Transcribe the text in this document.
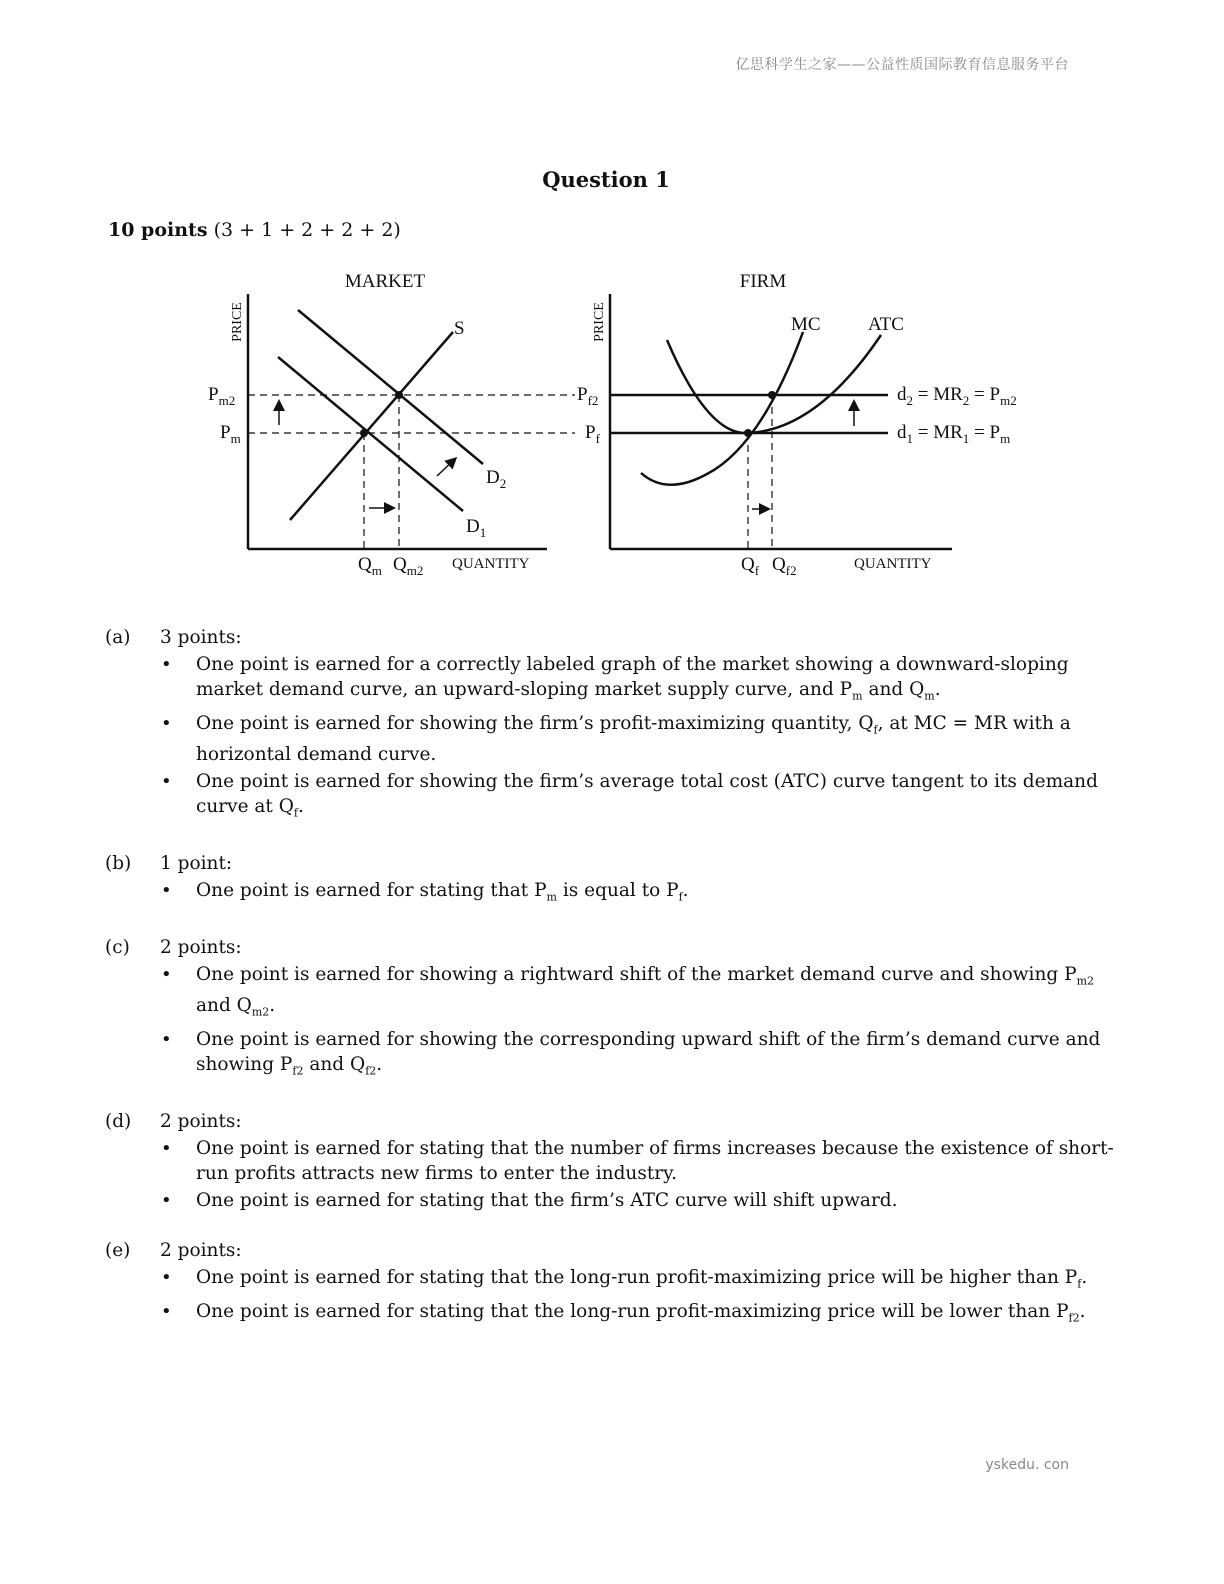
亿思科学生之家——公益性质国际教育信息服务平台
Question 1
10 points (3 + 1 + 2 + 2 + 2)
MARKET
PRICE	S
$D_2$
$D_1$
$P_{m2}$
$P_m$
$Q_m$ $Q_{m2}$ QUANTITY
FIRM
PRICE	MC ATC
$P_{f2}$
$P_f$
$Q_f$ $Q_{f2}$	QUANTITY
$d_2 = MR_2 = P_{m2}$
$d_1 = MR_1 = P_m$
(a) 3 points:
• One point is earned for a correctly labeled graph of the market showing a downward-sloping market demand curve, an upward-sloping market supply curve, and $P_m$ and $Q_m$.
• One point is earned for showing the firm’s profit-maximizing quantity, $Q_f$, at MC = MR with a horizontal demand curve.
• One point is earned for showing the firm’s average total cost (ATC) curve tangent to its demand curve at $Q_f$.
(b) 1 point:
• One point is earned for stating that $P_m$ is equal to $P_f$.
(c) 2 points:
• One point is earned for showing a rightward shift of the market demand curve and showing $P_{m2}$ and $Q_{m2}$.
• One point is earned for showing the corresponding upward shift of the firm’s demand curve and showing $P_{f2}$ and $Q_{f2}$.
(d) 2 points:
• One point is earned for stating that the number of firms increases because the existence of short-run profits attracts new firms to enter the industry.
• One point is earned for stating that the firm’s ATC curve will shift upward.
(e) 2 points:
• One point is earned for stating that the long-run profit-maximizing price will be higher than $P_f$.
• One point is earned for stating that the long-run profit-maximizing price will be lower than $P_{f2}$.
yskedu. con
